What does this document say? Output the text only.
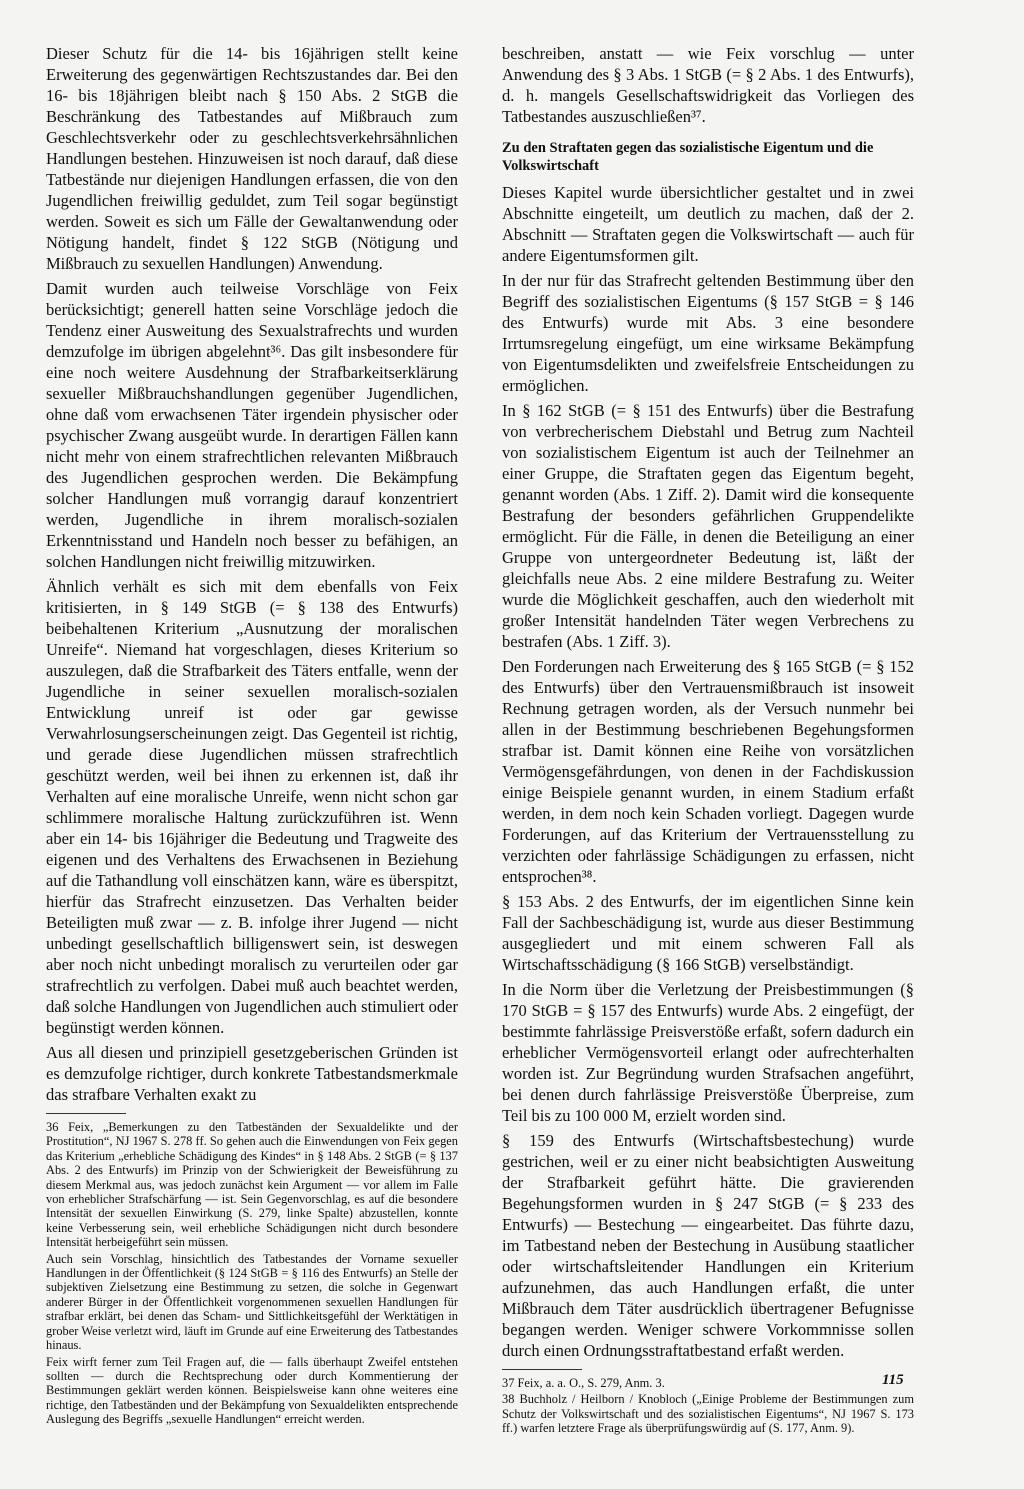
Dieser Schutz für die 14- bis 16jährigen stellt keine Erweiterung des gegenwärtigen Rechtszustandes dar. Bei den 16- bis 18jährigen bleibt nach § 150 Abs. 2 StGB die Beschränkung des Tatbestandes auf Mißbrauch zum Geschlechtsverkehr oder zu geschlechtsverkehrsähnlichen Handlungen bestehen. Hinzuweisen ist noch darauf, daß diese Tatbestände nur diejenigen Handlungen erfassen, die von den Jugendlichen freiwillig geduldet, zum Teil sogar begünstigt werden. Soweit es sich um Fälle der Gewaltanwendung oder Nötigung handelt, findet § 122 StGB (Nötigung und Mißbrauch zu sexuellen Handlungen) Anwendung.

Damit wurden auch teilweise Vorschläge von Feix berücksichtigt; generell hatten seine Vorschläge jedoch die Tendenz einer Ausweitung des Sexualstrafrechts und wurden demzufolge im übrigen abgelehnt³⁶. Das gilt insbesondere für eine noch weitere Ausdehnung der Strafbarkeitserklärung sexueller Mißbrauchshandlungen gegenüber Jugendlichen, ohne daß vom erwachsenen Täter irgendein physischer oder psychischer Zwang ausgeübt wurde. In derartigen Fällen kann nicht mehr von einem strafrechtlichen relevanten Mißbrauch des Jugendlichen gesprochen werden. Die Bekämpfung solcher Handlungen muß vorrangig darauf konzentriert werden, Jugendliche in ihrem moralisch-sozialen Erkenntnisstand und Handeln noch besser zu befähigen, an solchen Handlungen nicht freiwillig mitzuwirken.

Ähnlich verhält es sich mit dem ebenfalls von Feix kritisierten, in § 149 StGB (= § 138 des Entwurfs) beibehaltenen Kriterium „Ausnutzung der moralischen Unreife“. Niemand hat vorgeschlagen, dieses Kriterium so auszulegen, daß die Strafbarkeit des Täters entfalle, wenn der Jugendliche in seiner sexuellen moralisch-sozialen Entwicklung unreif ist oder gar gewisse Verwahrlosungserscheinungen zeigt. Das Gegenteil ist richtig, und gerade diese Jugendlichen müssen strafrechtlich geschützt werden, weil bei ihnen zu erkennen ist, daß ihr Verhalten auf eine moralische Unreife, wenn nicht schon gar schlimmere moralische Haltung zurückzuführen ist. Wenn aber ein 14- bis 16jähriger die Bedeutung und Tragweite des eigenen und des Verhaltens des Erwachsenen in Beziehung auf die Tathandlung voll einschätzen kann, wäre es überspitzt, hierfür das Strafrecht einzusetzen. Das Verhalten beider Beteiligten muß zwar — z. B. infolge ihrer Jugend — nicht unbedingt gesellschaftlich billigenswert sein, ist deswegen aber noch nicht unbedingt moralisch zu verurteilen oder gar strafrechtlich zu verfolgen. Dabei muß auch beachtet werden, daß solche Handlungen von Jugendlichen auch stimuliert oder begünstigt werden können.

Aus all diesen und prinzipiell gesetzgeberischen Gründen ist es demzufolge richtiger, durch konkrete Tatbestandsmerkmale das strafbare Verhalten exakt zu

36 Feix, „Bemerkungen zu den Tatbeständen der Sexualdelikte und der Prostitution“, NJ 1967 S. 278 ff. So gehen auch die Einwendungen von Feix gegen das Kriterium „erhebliche Schädigung des Kindes“ in § 148 Abs. 2 StGB (= § 137 Abs. 2 des Entwurfs) im Prinzip von der Schwierigkeit der Beweisführung zu diesem Merkmal aus, was jedoch zunächst kein Argument — vor allem im Falle von erheblicher Strafschärfung — ist. Sein Gegenvorschlag, es auf die besondere Intensität der sexuellen Einwirkung (S. 279, linke Spalte) abzustellen, konnte keine Verbesserung sein, weil erhebliche Schädigungen nicht durch besondere Intensität herbeigeführt sein müssen.

Auch sein Vorschlag, hinsichtlich des Tatbestandes der Vorname sexueller Handlungen in der Öffentlichkeit (§ 124 StGB = § 116 des Entwurfs) an Stelle der subjektiven Zielsetzung eine Bestimmung zu setzen, die solche in Gegenwart anderer Bürger in der Öffentlichkeit vorgenommenen sexuellen Handlungen für strafbar erklärt, bei denen das Scham- und Sittlichkeitsgefühl der Werktätigen in grober Weise verletzt wird, läuft im Grunde auf eine Erweiterung des Tatbestandes hinaus.

Feix wirft ferner zum Teil Fragen auf, die — falls überhaupt Zweifel entstehen sollten — durch die Rechtsprechung oder durch Kommentierung der Bestimmungen geklärt werden können. Beispielsweise kann ohne weiteres eine richtige, den Tatbeständen und der Bekämpfung von Sexualdelikten entsprechende Auslegung des Begriffs „sexuelle Handlungen“ erreicht werden.

beschreiben, anstatt — wie Feix vorschlug — unter Anwendung des § 3 Abs. 1 StGB (= § 2 Abs. 1 des Entwurfs), d. h. mangels Gesellschaftswidrigkeit das Vorliegen des Tatbestandes auszuschließen³⁷.

Zu den Straftaten gegen das sozialistische Eigentum und die Volkswirtschaft

Dieses Kapitel wurde übersichtlicher gestaltet und in zwei Abschnitte eingeteilt, um deutlich zu machen, daß der 2. Abschnitt — Straftaten gegen die Volkswirtschaft — auch für andere Eigentumsformen gilt.

In der nur für das Strafrecht geltenden Bestimmung über den Begriff des sozialistischen Eigentums (§ 157 StGB = § 146 des Entwurfs) wurde mit Abs. 3 eine besondere Irrtumsregelung eingefügt, um eine wirksame Bekämpfung von Eigentumsdelikten und zweifelsfreie Entscheidungen zu ermöglichen.

In § 162 StGB (= § 151 des Entwurfs) über die Bestrafung von verbrecherischem Diebstahl und Betrug zum Nachteil von sozialistischem Eigentum ist auch der Teilnehmer an einer Gruppe, die Straftaten gegen das Eigentum begeht, genannt worden (Abs. 1 Ziff. 2). Damit wird die konsequente Bestrafung der besonders gefährlichen Gruppendelikte ermöglicht. Für die Fälle, in denen die Beteiligung an einer Gruppe von untergeordneter Bedeutung ist, läßt der gleichfalls neue Abs. 2 eine mildere Bestrafung zu. Weiter wurde die Möglichkeit geschaffen, auch den wiederholt mit großer Intensität handelnden Täter wegen Verbrechens zu bestrafen (Abs. 1 Ziff. 3).

Den Forderungen nach Erweiterung des § 165 StGB (= § 152 des Entwurfs) über den Vertrauensmißbrauch ist insoweit Rechnung getragen worden, als der Versuch nunmehr bei allen in der Bestimmung beschriebenen Begehungsformen strafbar ist. Damit können eine Reihe von vorsätzlichen Vermögensgefährdungen, von denen in der Fachdiskussion einige Beispiele genannt wurden, in einem Stadium erfaßt werden, in dem noch kein Schaden vorliegt. Dagegen wurde Forderungen, auf das Kriterium der Vertrauensstellung zu verzichten oder fahrlässige Schädigungen zu erfassen, nicht entsprochen³⁸.

§ 153 Abs. 2 des Entwurfs, der im eigentlichen Sinne kein Fall der Sachbeschädigung ist, wurde aus dieser Bestimmung ausgegliedert und mit einem schweren Fall als Wirtschaftsschädigung (§ 166 StGB) verselbständigt.

In die Norm über die Verletzung der Preisbestimmungen (§ 170 StGB = § 157 des Entwurfs) wurde Abs. 2 eingefügt, der bestimmte fahrlässige Preisverstöße erfaßt, sofern dadurch ein erheblicher Vermögensvorteil erlangt oder aufrechterhalten worden ist. Zur Begründung wurden Strafsachen angeführt, bei denen durch fahrlässige Preisverstöße Überpreise, zum Teil bis zu 100 000 M, erzielt worden sind.

§ 159 des Entwurfs (Wirtschaftsbestechung) wurde gestrichen, weil er zu einer nicht beabsichtigten Ausweitung der Strafbarkeit geführt hätte. Die gravierenden Begehungsformen wurden in § 247 StGB (= § 233 des Entwurfs) — Bestechung — eingearbeitet. Das führte dazu, im Tatbestand neben der Bestechung in Ausübung staatlicher oder wirtschaftsleitender Handlungen ein Kriterium aufzunehmen, das auch Handlungen erfaßt, die unter Mißbrauch dem Täter ausdrücklich übertragener Befugnisse begangen werden. Weniger schwere Vorkommnisse sollen durch einen Ordnungsstraftatbestand erfaßt werden.

37 Feix, a. a. O., S. 279, Anm. 3.

38 Buchholz / Heilborn / Knobloch („Einige Probleme der Bestimmungen zum Schutz der Volkswirtschaft und des sozialistischen Eigentums“, NJ 1967 S. 173 ff.) warfen letztere Frage als überprüfungswürdig auf (S. 177, Anm. 9).

115
